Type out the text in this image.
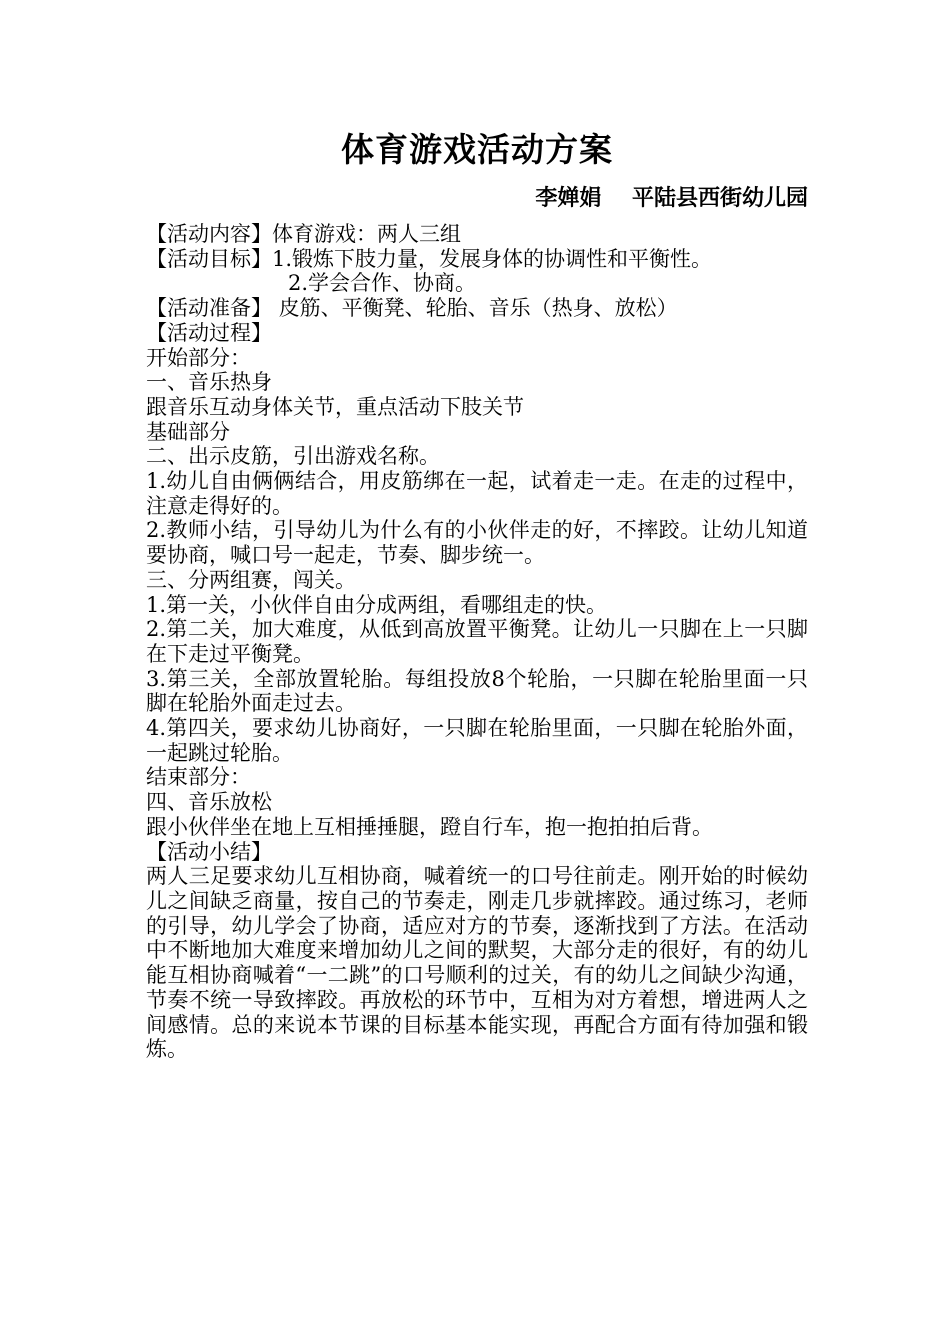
体育游戏活动方案
李婵娟    平陆县西街幼儿园
【活动内容】体育游戏：两人三组
【活动目标】1.锻炼下肢力量，发展身体的协调性和平衡性。
2.学会合作、协商。
【活动准备】 皮筋、平衡凳、轮胎、音乐（热身、放松）
【活动过程】
开始部分：
一、音乐热身
跟音乐互动身体关节，重点活动下肢关节
基础部分
二、出示皮筋，引出游戏名称。
1.幼儿自由俩俩结合，用皮筋绑在一起，试着走一走。在走的过程中，注意走得好的。
2.教师小结，引导幼儿为什么有的小伙伴走的好，不摔跤。让幼儿知道要协商，喊口号一起走，节奏、脚步统一。
三、分两组赛，闯关。
1.第一关，小伙伴自由分成两组，看哪组走的快。
2.第二关，加大难度，从低到高放置平衡凳。让幼儿一只脚在上一只脚在下走过平衡凳。
3.第三关，全部放置轮胎。每组投放8个轮胎，一只脚在轮胎里面一只脚在轮胎外面走过去。
4.第四关，要求幼儿协商好，一只脚在轮胎里面，一只脚在轮胎外面，一起跳过轮胎。
结束部分：
四、音乐放松
跟小伙伴坐在地上互相捶捶腿，蹬自行车，抱一抱拍拍后背。
【活动小结】
两人三足要求幼儿互相协商，喊着统一的口号往前走。刚开始的时候幼儿之间缺乏商量，按自己的节奏走，刚走几步就摔跤。通过练习，老师的引导，幼儿学会了协商，适应对方的节奏，逐渐找到了方法。在活动中不断地加大难度来增加幼儿之间的默契，大部分走的很好，有的幼儿能互相协商喊着“一二跳”的口号顺利的过关，有的幼儿之间缺少沟通，节奏不统一导致摔跤。再放松的环节中，互相为对方着想，增进两人之间感情。总的来说本节课的目标基本能实现，再配合方面有待加强和锻炼。
